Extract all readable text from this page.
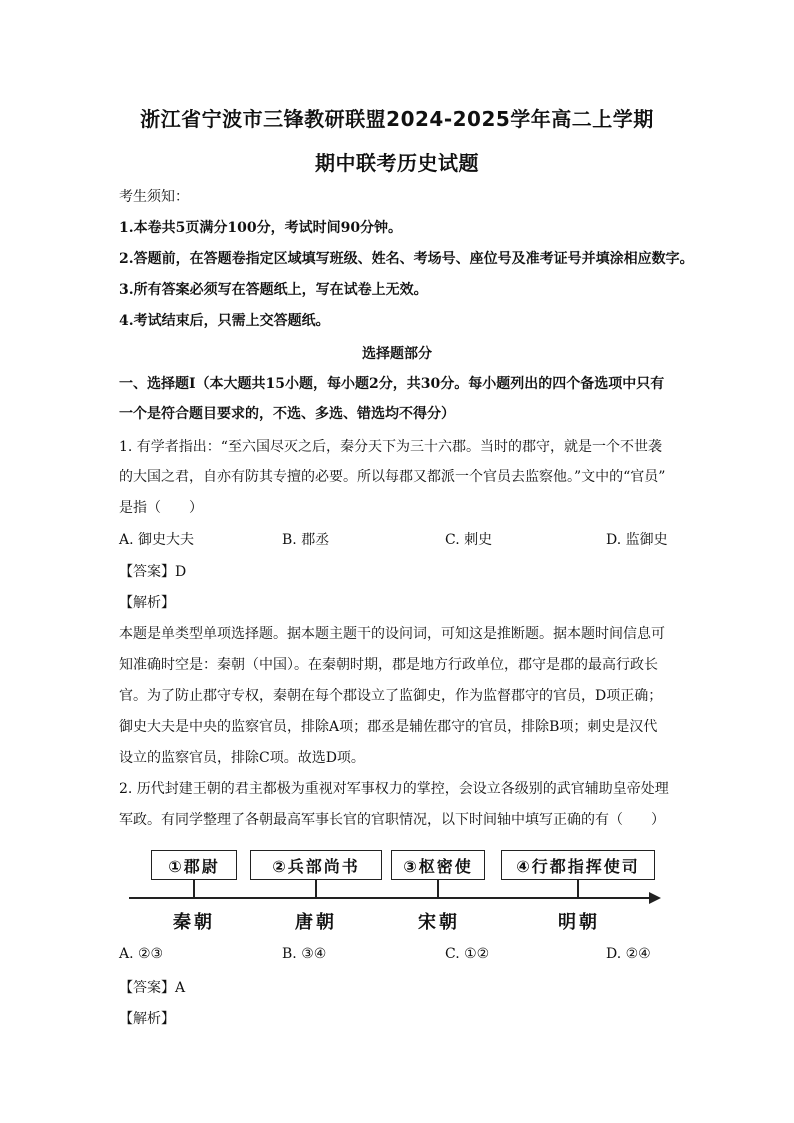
浙江省宁波市三锋教研联盟2024-2025学年高二上学期
期中联考历史试题
考生须知：
1.本卷共5页满分100分，考试时间90分钟。
2.答题前，在答题卷指定区域填写班级、姓名、考场号、座位号及准考证号并填涂相应数字。
3.所有答案必须写在答题纸上，写在试卷上无效。
4.考试结束后，只需上交答题纸。
选择题部分
一、选择题Ⅰ（本大题共15小题，每小题2分，共30分。每小题列出的四个备选项中只有
一个是符合题目要求的，不选、多选、错选均不得分）
1. 有学者指出：“至六国尽灭之后，秦分天下为三十六郡。当时的郡守，就是一个不世袭
的大国之君，自亦有防其专擅的必要。所以每郡又都派一个官员去监察他。”文中的“官员”
是指（　　）
A. 御史大夫	B. 郡丞	C. 刺史	D. 监御史
【答案】D
【解析】
本题是单类型单项选择题。据本题主题干的设问词，可知这是推断题。据本题时间信息可
知准确时空是：秦朝（中国）。在秦朝时期，郡是地方行政单位，郡守是郡的最高行政长
官。为了防止郡守专权，秦朝在每个郡设立了监御史，作为监督郡守的官员，D项正确；
御史大夫是中央的监察官员，排除A项；郡丞是辅佐郡守的官员，排除B项；刺史是汉代
设立的监察官员，排除C项。故选D项。
2. 历代封建王朝的君主都极为重视对军事权力的掌控，会设立各级别的武官辅助皇帝处理
军政。有同学整理了各朝最高军事长官的官职情况，以下时间轴中填写正确的有（　　）
①郡尉	②兵部尚书	③枢密使	④行都指挥使司
秦朝	唐朝	宋朝	明朝
A. ②③	B. ③④	C. ①②	D. ②④
【答案】A
【解析】
